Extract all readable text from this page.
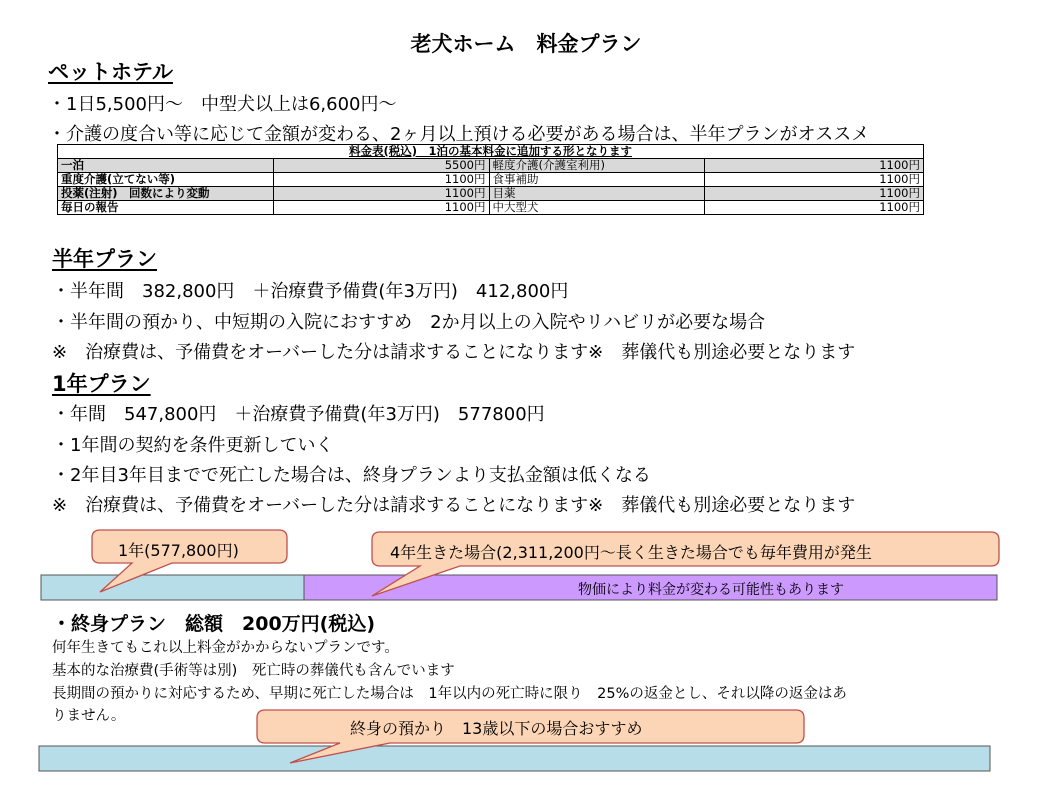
老犬ホーム　料金プラン
ペットホテル
・1日5,500円～　中型犬以上は6,600円～
・介護の度合い等に応じて金額が変わる、2ヶ月以上預ける必要がある場合は、半年プランがオススメ
料金表(税込)　1泊の基本料金に追加する形となります			
一泊	5500円	軽度介護(介護室利用)	1100円
重度介護(立てない等)	1100円	食事補助	1100円
投薬(注射)　回数により変動	1100円	目薬	1100円
毎日の報告	1100円	中大型犬	1100円
半年プラン
・半年間　382,800円　＋治療費予備費(年3万円)　412,800円
・半年間の預かり、中短期の入院におすすめ　2か月以上の入院やリハビリが必要な場合
※　治療費は、予備費をオーバーした分は請求することになります※　葬儀代も別途必要となります
1年プラン
・年間　547,800円　＋治療費予備費(年3万円)　577800円
・1年間の契約を条件更新していく
・2年目3年目までで死亡した場合は、終身プランより支払金額は低くなる
※　治療費は、予備費をオーバーした分は請求することになります※　葬儀代も別途必要となります
1年(577,800円)	4年生きた場合(2,311,200円～長く生きた場合でも毎年費用が発生
物価により料金が変わる可能性もあります
・終身プラン　総額　200万円(税込)
何年生きてもこれ以上料金がかからないプランです。
基本的な治療費(手術等は別)　死亡時の葬儀代も含んでいます
長期間の預かりに対応するため、早期に死亡した場合は　1年以内の死亡時に限り　25%の返金とし、それ以降の返金はあ
りません。
終身の預かり　13歳以下の場合おすすめ
